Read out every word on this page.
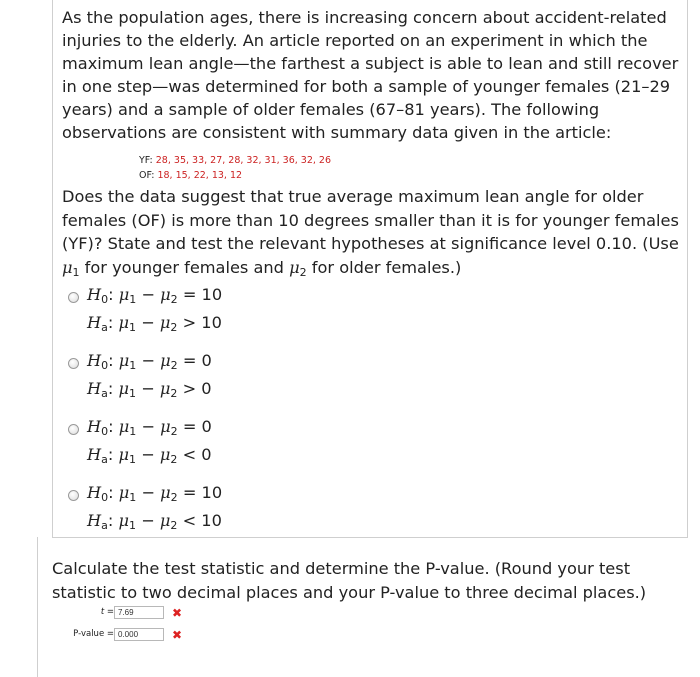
As the population ages, there is increasing concern about accident-related injuries to the elderly. An article reported on an experiment in which the maximum lean angle—the farthest a subject is able to lean and still recover in one step—was determined for both a sample of younger females (21–29 years) and a sample of older females (67–81 years). The following observations are consistent with summary data given in the article:
YF: 28, 35, 33, 27, 28, 32, 31, 36, 32, 26
OF: 18, 15, 22, 13, 12
Does the data suggest that true average maximum lean angle for older females (OF) is more than 10 degrees smaller than it is for younger females (YF)? State and test the relevant hypotheses at significance level 0.10. (Use $\mu_1$ for younger females and $\mu_2$ for older females.)
$H_0$: $\mu_1 - \mu_2 = 10$
$H_a$: $\mu_1 - \mu_2 > 10$
$H_0$: $\mu_1 - \mu_2 = 0$
$H_a$: $\mu_1 - \mu_2 > 0$
$H_0$: $\mu_1 - \mu_2 = 0$
$H_a$: $\mu_1 - \mu_2 < 0$
$H_0$: $\mu_1 - \mu_2 = 10$
$H_a$: $\mu_1 - \mu_2 < 10$
Calculate the test statistic and determine the P-value. (Round your test statistic to two decimal places and your P-value to three decimal places.)
t =
7.69	✖
P-value =
0.000	✖
